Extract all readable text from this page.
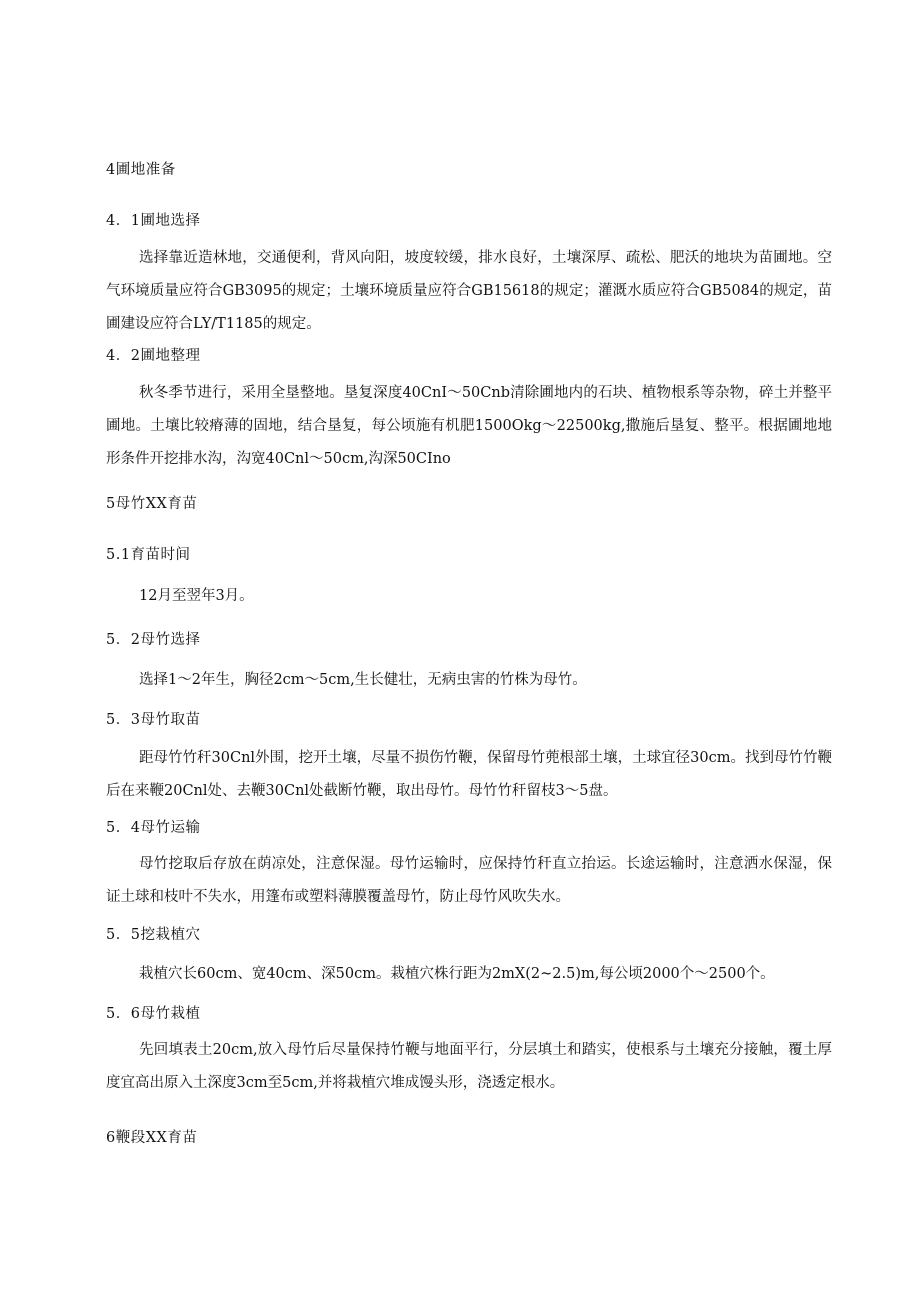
4圃地准备
4．1圃地选择
选择靠近造林地，交通便利，背风向阳，坡度较缓，排水良好，土壤深厚、疏松、肥沃的地块为苗圃地。空气环境质量应符合GB3095的规定；土壤环境质量应符合GB15618的规定；灌溉水质应符合GB5084的规定，苗圃建设应符合LY/T1185的规定。
4．2圃地整理
秋冬季节进行，采用全垦整地。垦复深度40CnI～50Cnb清除圃地内的石块、植物根系等杂物，碎土并整平圃地。土壤比较瘠薄的固地，结合垦复，每公顷施有机肥1500Okg～22500kg,撒施后垦复、整平。根据圃地地形条件开挖排水沟，沟宽40Cnl～50cm,沟深50CIno
5母竹XX育苗
5.1育苗时间
12月至翌年3月。
5．2母竹选择
选择1～2年生，胸径2cm～5cm,生长健壮，无病虫害的竹株为母竹。
5．3母竹取苗
距母竹竹秆30Cnl外围，挖开土壤，尽量不损伤竹鞭，保留母竹蔸根部土壤，土球宜径30cm。找到母竹竹鞭后在来鞭20Cnl处、去鞭30Cnl处截断竹鞭，取出母竹。母竹竹秆留枝3～5盘。
5．4母竹运输
母竹挖取后存放在荫凉处，注意保湿。母竹运输时，应保持竹秆直立抬运。长途运输时，注意洒水保湿，保证土球和枝叶不失水，用篷布或塑料薄膜覆盖母竹，防止母竹风吹失水。
5．5挖栽植穴
栽植穴长60cm、宽40cm、深50cm。栽植穴株行距为2mX(2~2.5)m,每公顷2000个～2500个。
5．6母竹栽植
先回填表土20cm,放入母竹后尽量保持竹鞭与地面平行，分层填土和踏实，使根系与土壤充分接触，覆土厚度宜高出原入土深度3cm至5cm,并将栽植穴堆成馒头形，浇透定根水。
6鞭段XX育苗
